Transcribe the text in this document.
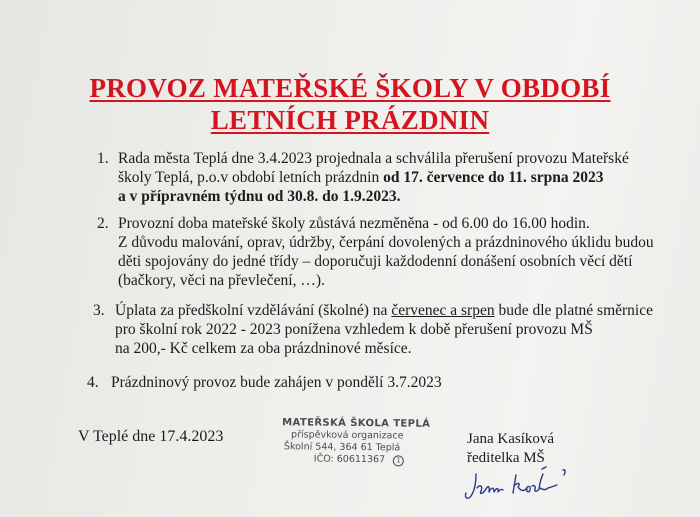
PROVOZ MATEŘSKÉ ŠKOLY V OBDOBÍ
LETNÍCH PRÁZDNIN
1. Rada města Teplá dne 3.4.2023 projednala a schválila přerušení provozu Mateřské
školy Teplá, p.o.v období letních prázdnin od 17. července do 11. srpna 2023
a v přípravném týdnu od 30.8. do 1.9.2023.
2. Provozní doba mateřské školy zůstává nezměněna - od 6.00 do 16.00 hodin.
Z důvodu malování, oprav, údržby, čerpání dovolených a prázdninového úklidu budou
děti spojovány do jedné třídy – doporučuji každodenní donášení osobních věcí dětí
(bačkory, věci na převlečení, …).
3. Úplata za předškolní vzdělávání (školné) na červenec a srpen bude dle platné směrnice
pro školní rok 2022 - 2023 ponížena vzhledem k době přerušení provozu MŠ
na 200,- Kč celkem za oba prázdninové měsíce.
4. Prázdninový provoz bude zahájen v pondělí 3.7.2023
V Teplé dne 17.4.2023
MATEŘSKÁ ŠKOLA TEPLÁ
příspěvková organizace
Školní 544, 364 61 Teplá
IČO: 60611367 1
Jana Kasíková
ředitelka MŠ
